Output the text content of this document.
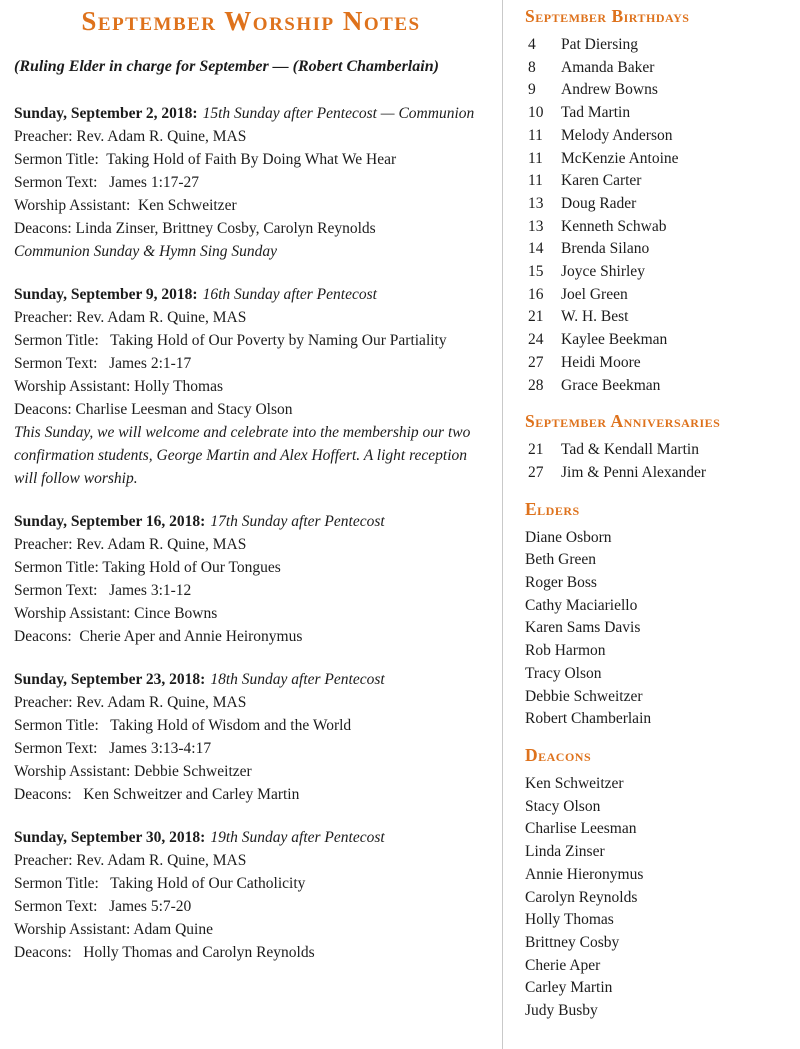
September Worship Notes
(Ruling Elder in charge for September — (Robert Chamberlain)
Sunday, September 2, 2018: 15th Sunday after Pentecost — Communion
Preacher: Rev. Adam R. Quine, MAS
Sermon Title:  Taking Hold of Faith By Doing What We Hear
Sermon Text:   James 1:17-27
Worship Assistant:  Ken Schweitzer
Deacons: Linda Zinser, Brittney Cosby, Carolyn Reynolds
Communion Sunday & Hymn Sing Sunday
Sunday, September 9, 2018: 16th Sunday after Pentecost
Preacher: Rev. Adam R. Quine, MAS
Sermon Title:   Taking Hold of Our Poverty by Naming Our Partiality
Sermon Text:   James 2:1-17
Worship Assistant: Holly Thomas
Deacons: Charlise Leesman and Stacy Olson
This Sunday, we will welcome and celebrate into the membership our two confirmation students, George Martin and Alex Hoffert. A light reception will follow worship.
Sunday, September 16, 2018: 17th Sunday after Pentecost
Preacher: Rev. Adam R. Quine, MAS
Sermon Title: Taking Hold of Our Tongues
Sermon Text:   James 3:1-12
Worship Assistant: Cince Bowns
Deacons:  Cherie Aper and Annie Heironymus
Sunday, September 23, 2018: 18th Sunday after Pentecost
Preacher: Rev. Adam R. Quine, MAS
Sermon Title:   Taking Hold of Wisdom and the World
Sermon Text:   James 3:13-4:17
Worship Assistant: Debbie Schweitzer
Deacons:   Ken Schweitzer and Carley Martin
Sunday, September 30, 2018: 19th Sunday after Pentecost
Preacher: Rev. Adam R. Quine, MAS
Sermon Title:   Taking Hold of Our Catholicity
Sermon Text:   James 5:7-20
Worship Assistant: Adam Quine
Deacons:   Holly Thomas and Carolyn Reynolds
September Birthdays
4	Pat Diersing
8	Amanda Baker
9	Andrew Bowns
10	Tad Martin
11	Melody Anderson
11	McKenzie Antoine
11	Karen Carter
13	Doug Rader
13	Kenneth Schwab
14	Brenda Silano
15	Joyce Shirley
16	Joel Green
21	W. H. Best
24	Kaylee Beekman
27	Heidi Moore
28	Grace Beekman
September Anniversaries
21	Tad & Kendall Martin
27	Jim & Penni Alexander
Elders
Diane Osborn
Beth Green
Roger Boss
Cathy Maciariello
Karen Sams Davis
Rob Harmon
Tracy Olson
Debbie Schweitzer
Robert Chamberlain
Deacons
Ken Schweitzer
Stacy Olson
Charlise Leesman
Linda Zinser
Annie Hieronymus
Carolyn Reynolds
Holly Thomas
Brittney Cosby
Cherie Aper
Carley Martin
Judy Busby
